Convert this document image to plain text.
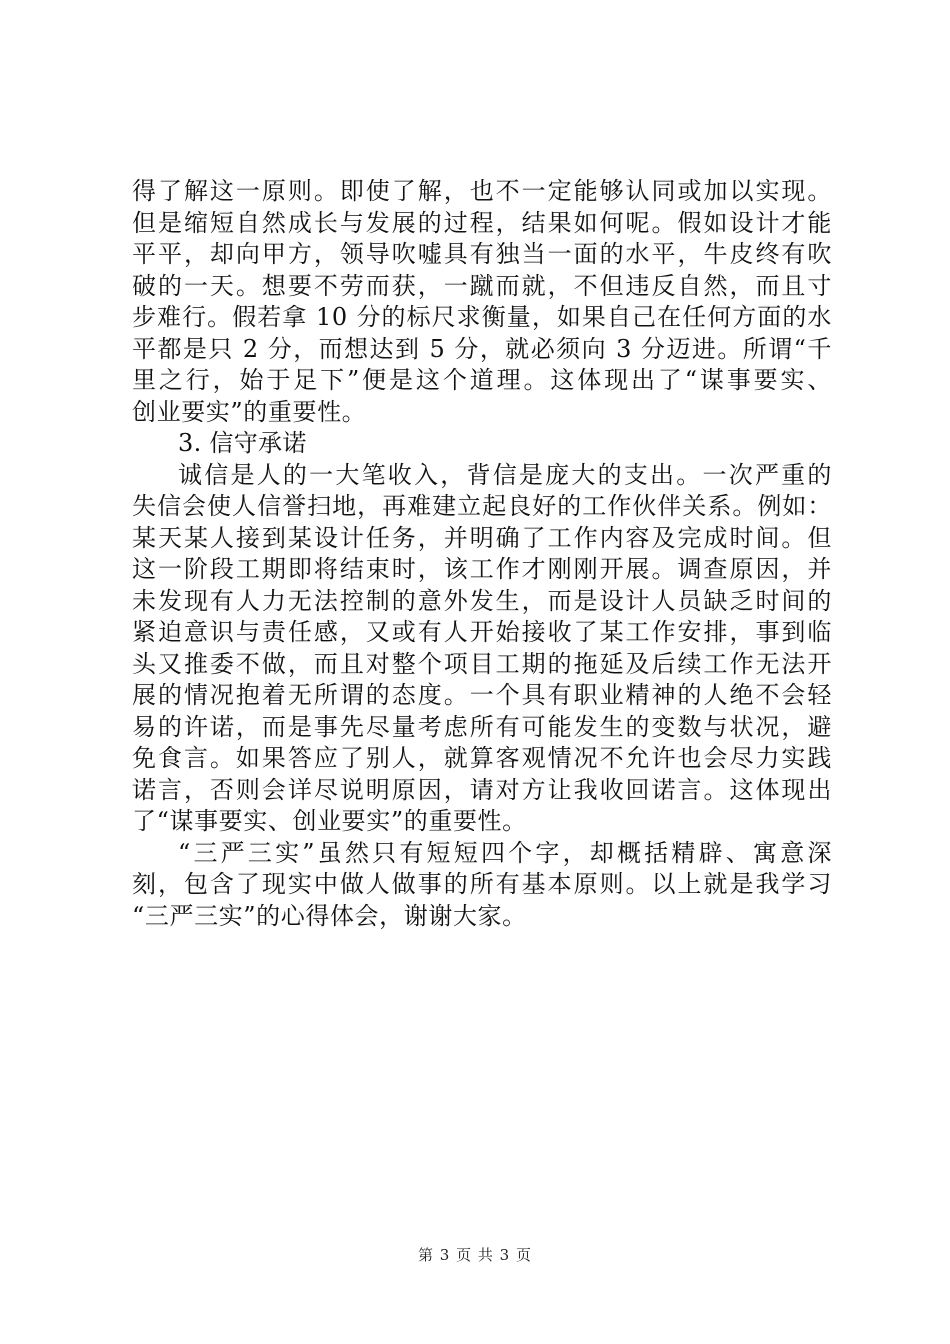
得了解这一原则。即使了解，也不一定能够认同或加以实现。
但是缩短自然成长与发展的过程，结果如何呢。假如设计才能
平平，却向甲方，领导吹嘘具有独当一面的水平，牛皮终有吹
破的一天。想要不劳而获，一蹴而就，不但违反自然，而且寸
步难行。假若拿 10 分的标尺求衡量，如果自己在任何方面的水
平都是只 2 分，而想达到 5 分，就必须向 3 分迈进。所谓“千
里之行，始于足下”便是这个道理。这体现出了“谋事要实、
创业要实”的重要性。
3. 信守承诺
诚信是人的一大笔收入，背信是庞大的支出。一次严重的
失信会使人信誉扫地，再难建立起良好的工作伙伴关系。例如：
某天某人接到某设计任务，并明确了工作内容及完成时间。但
这一阶段工期即将结束时，该工作才刚刚开展。调查原因，并
未发现有人力无法控制的意外发生，而是设计人员缺乏时间的
紧迫意识与责任感，又或有人开始接收了某工作安排，事到临
头又推委不做，而且对整个项目工期的拖延及后续工作无法开
展的情况抱着无所谓的态度。一个具有职业精神的人绝不会轻
易的许诺，而是事先尽量考虑所有可能发生的变数与状况，避
免食言。如果答应了别人，就算客观情况不允许也会尽力实践
诺言，否则会详尽说明原因，请对方让我收回诺言。这体现出
了“谋事要实、创业要实”的重要性。
“三严三实”虽然只有短短四个字，却概括精辟、寓意深
刻，包含了现实中做人做事的所有基本原则。以上就是我学习
“三严三实”的心得体会，谢谢大家。
第 3 页 共 3 页
